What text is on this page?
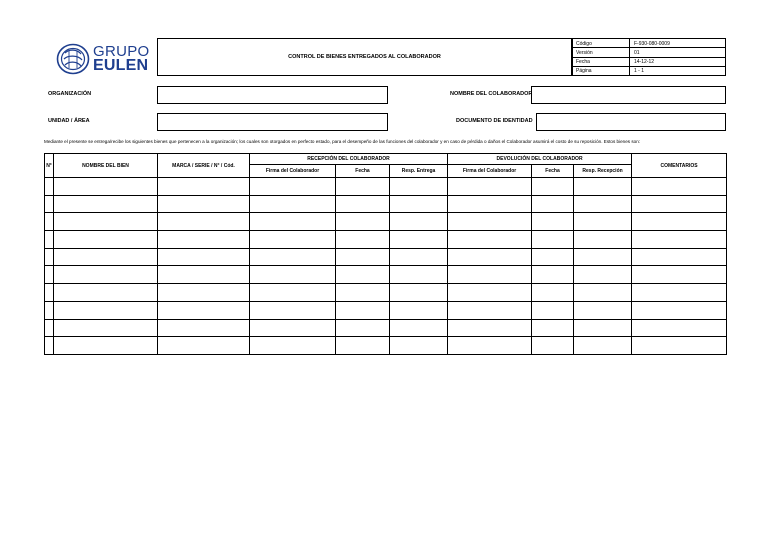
GRUPO
EULEN	CONTROL DE BIENES ENTREGADOS AL COLABORADOR
Código	F-930-080-0009
Versión	01
Fecha	14-12-12
Página	1 - 1
ORGANIZACIÓN	NOMBRE DEL COLABORADOR
UNIDAD / ÁREA	DOCUMENTO DE IDENTIDAD
Mediante el presente se entrega/recibe los siguientes bienes que pertenecen a la organización; los cuales son otorgados en perfecto estado, para el desempeño de las funciones del colaborador y en caso de pérdida o daños el Colaborador asumirá el costo de su reposición. Estos bienes son:
N°	NOMBRE DEL BIEN	MARCA / SERIE / N° / Cód.	RECEPCIÓN DEL COLABORADOR			DEVOLUCIÓN DEL COLABORADOR			COMENTARIOS
			Firma del Colaborador	Fecha	Resp. Entrega	Firma del Colaborador	Fecha	Resp. Recepción	
